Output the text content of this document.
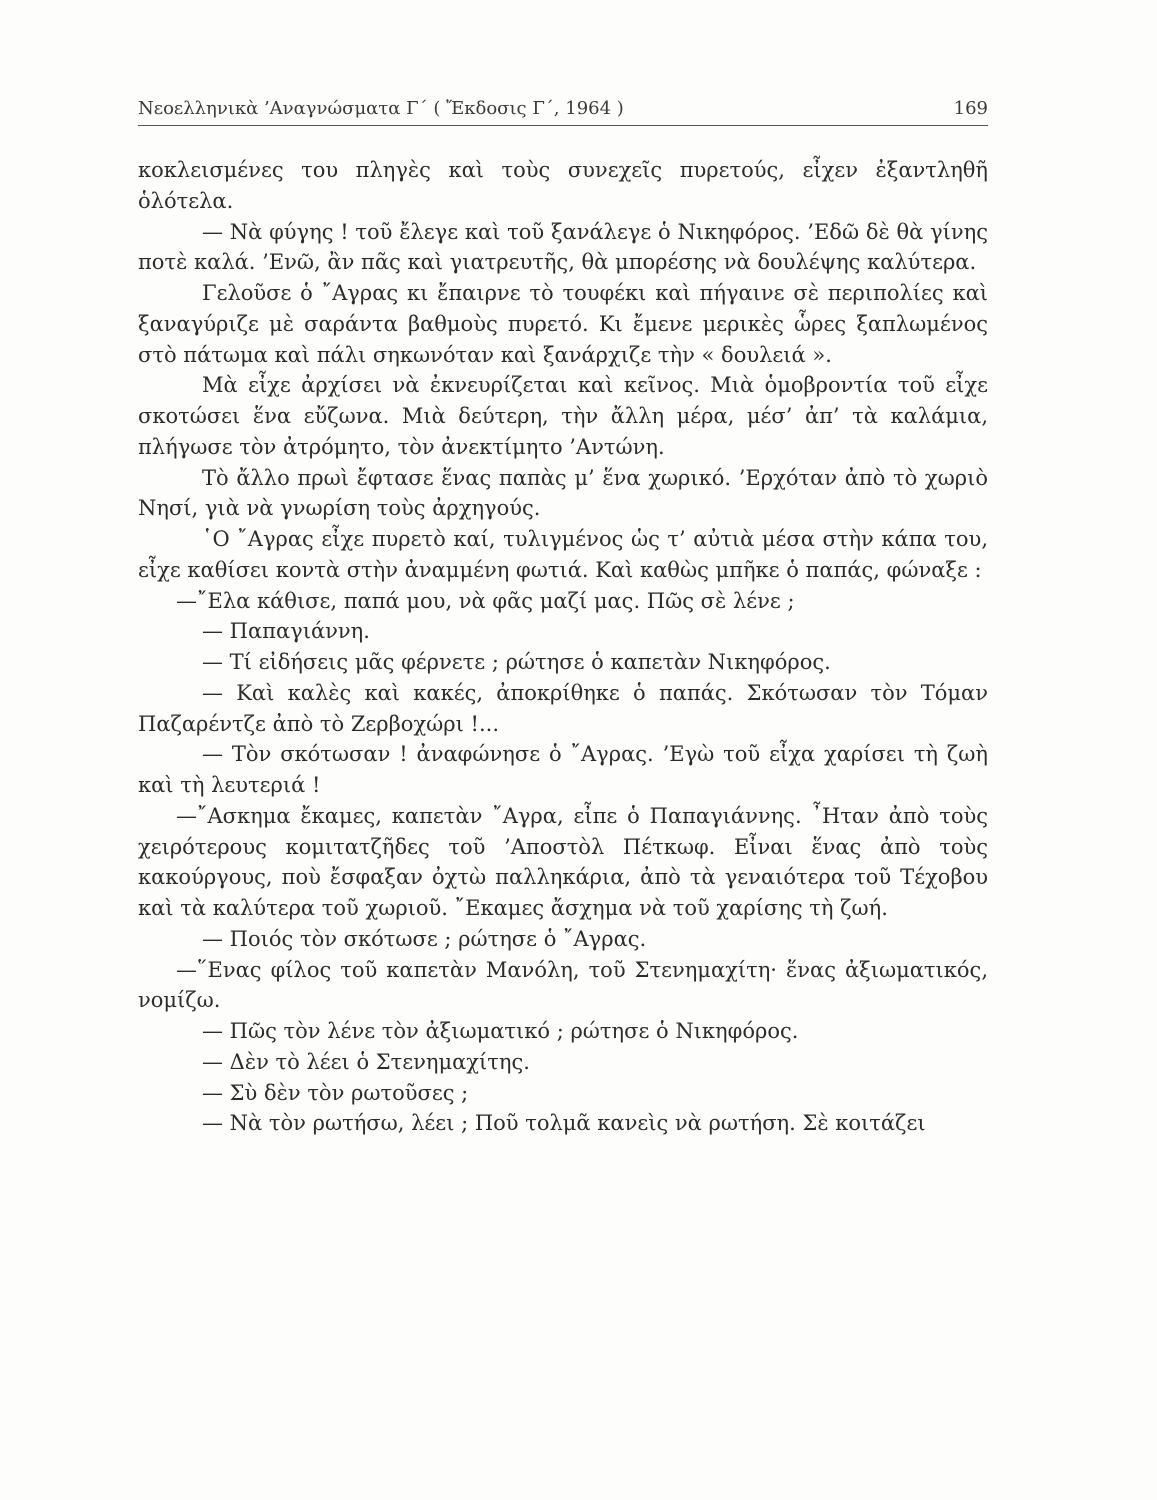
Νεοελληνικὰ ’Αναγνώσματα Γ΄ ( Ἔκδοσις Γ΄, 1964 )	169

κοκλεισμένες του πληγὲς καὶ τοὺς συνεχεῖς πυρετούς, εἶχεν ἐξαντληθῆ ὁλότελα.

— Νὰ φύγης ! τοῦ ἔλεγε καὶ τοῦ ξανάλεγε ὁ Νικηφόρος. ’Εδῶ δὲ θὰ γίνης ποτὲ καλά. ’Ενῶ, ἂν πᾶς καὶ γιατρευτῆς, θὰ μπορέσης νὰ δουλέψης καλύτερα.

Γελοῦσε ὁ ῎Αγρας κι ἔπαιρνε τὸ τουφέκι καὶ πήγαινε σὲ περιπολίες καὶ ξαναγύριζε μὲ σαράντα βαθμοὺς πυρετό. Κι ἔμενε μερικὲς ὧρες ξαπλωμένος στὸ πάτωμα καὶ πάλι σηκωνόταν καὶ ξανάρχιζε τὴν « δουλειά ».

Μὰ εἶχε ἀρχίσει νὰ ἐκνευρίζεται καὶ κεῖνος. Μιὰ ὁμοβροντία τοῦ εἶχε σκοτώσει ἕνα εὔζωνα. Μιὰ δεύτερη, τὴν ἄλλη μέρα, μέσ’ ἀπ’ τὰ καλάμια, πλήγωσε τὸν ἀτρόμητο, τὸν ἀνεκτίμητο ’Αντώνη.

Τὸ ἄλλο πρωὶ ἔφτασε ἕνας παπὰς μ’ ἕνα χωρικό. ’Ερχόταν ἀπὸ τὸ χωριὸ Νησί, γιὰ νὰ γνωρίση τοὺς ἀρχηγούς.

῾Ο ῎Αγρας εἶχε πυρετὸ καί, τυλιγμένος ὡς τ’ αὐτιὰ μέσα στὴν κάπα του, εἶχε καθίσει κοντὰ στὴν ἀναμμένη φωτιά. Καὶ καθὼς μπῆκε ὁ παπάς, φώναξε :

—῎Ελα κάθισε, παπά μου, νὰ φᾶς μαζί μας. Πῶς σὲ λένε ;

— Παπαγιάννη.

— Τί εἰδήσεις μᾶς φέρνετε ; ρώτησε ὁ καπετὰν Νικηφόρος.

— Καὶ καλὲς καὶ κακές, ἀποκρίθηκε ὁ παπάς. Σκότωσαν τὸν Τόμαν Παζαρέντζε ἀπὸ τὸ Ζερβοχώρι !...

— Τὸν σκότωσαν ! ἀναφώνησε ὁ ῎Αγρας. ’Εγὼ τοῦ εἶχα χαρίσει τὴ ζωὴ καὶ τὴ λευτεριά !

—῎Ασκημα ἔκαμες, καπετὰν ῎Αγρα, εἶπε ὁ Παπαγιάννης. ῏Ηταν ἀπὸ τοὺς χειρότερους κομιτατζῆδες τοῦ ’Αποστὸλ Πέτκωφ. Εἶναι ἕνας ἀπὸ τοὺς κακούργους, ποὺ ἔσφαξαν ὀχτὼ παλληκάρια, ἀπὸ τὰ γεναιότερα τοῦ Τέχοβου καὶ τὰ καλύτερα τοῦ χωριοῦ. ῎Εκαμες ἄσχημα νὰ τοῦ χαρίσης τὴ ζωή.

— Ποιός τὸν σκότωσε ; ρώτησε ὁ ῎Αγρας.

—῞Ενας φίλος τοῦ καπετὰν Μανόλη, τοῦ Στενημαχίτη· ἕνας ἀξιωματικός, νομίζω.

— Πῶς τὸν λένε τὸν ἀξιωματικό ; ρώτησε ὁ Νικηφόρος.

— Δὲν τὸ λέει ὁ Στενημαχίτης.

— Σὺ δὲν τὸν ρωτοῦσες ;

— Νὰ τὸν ρωτήσω, λέει ; Ποῦ τολμᾶ κανεὶς νὰ ρωτήση. Σὲ κοιτάζει
